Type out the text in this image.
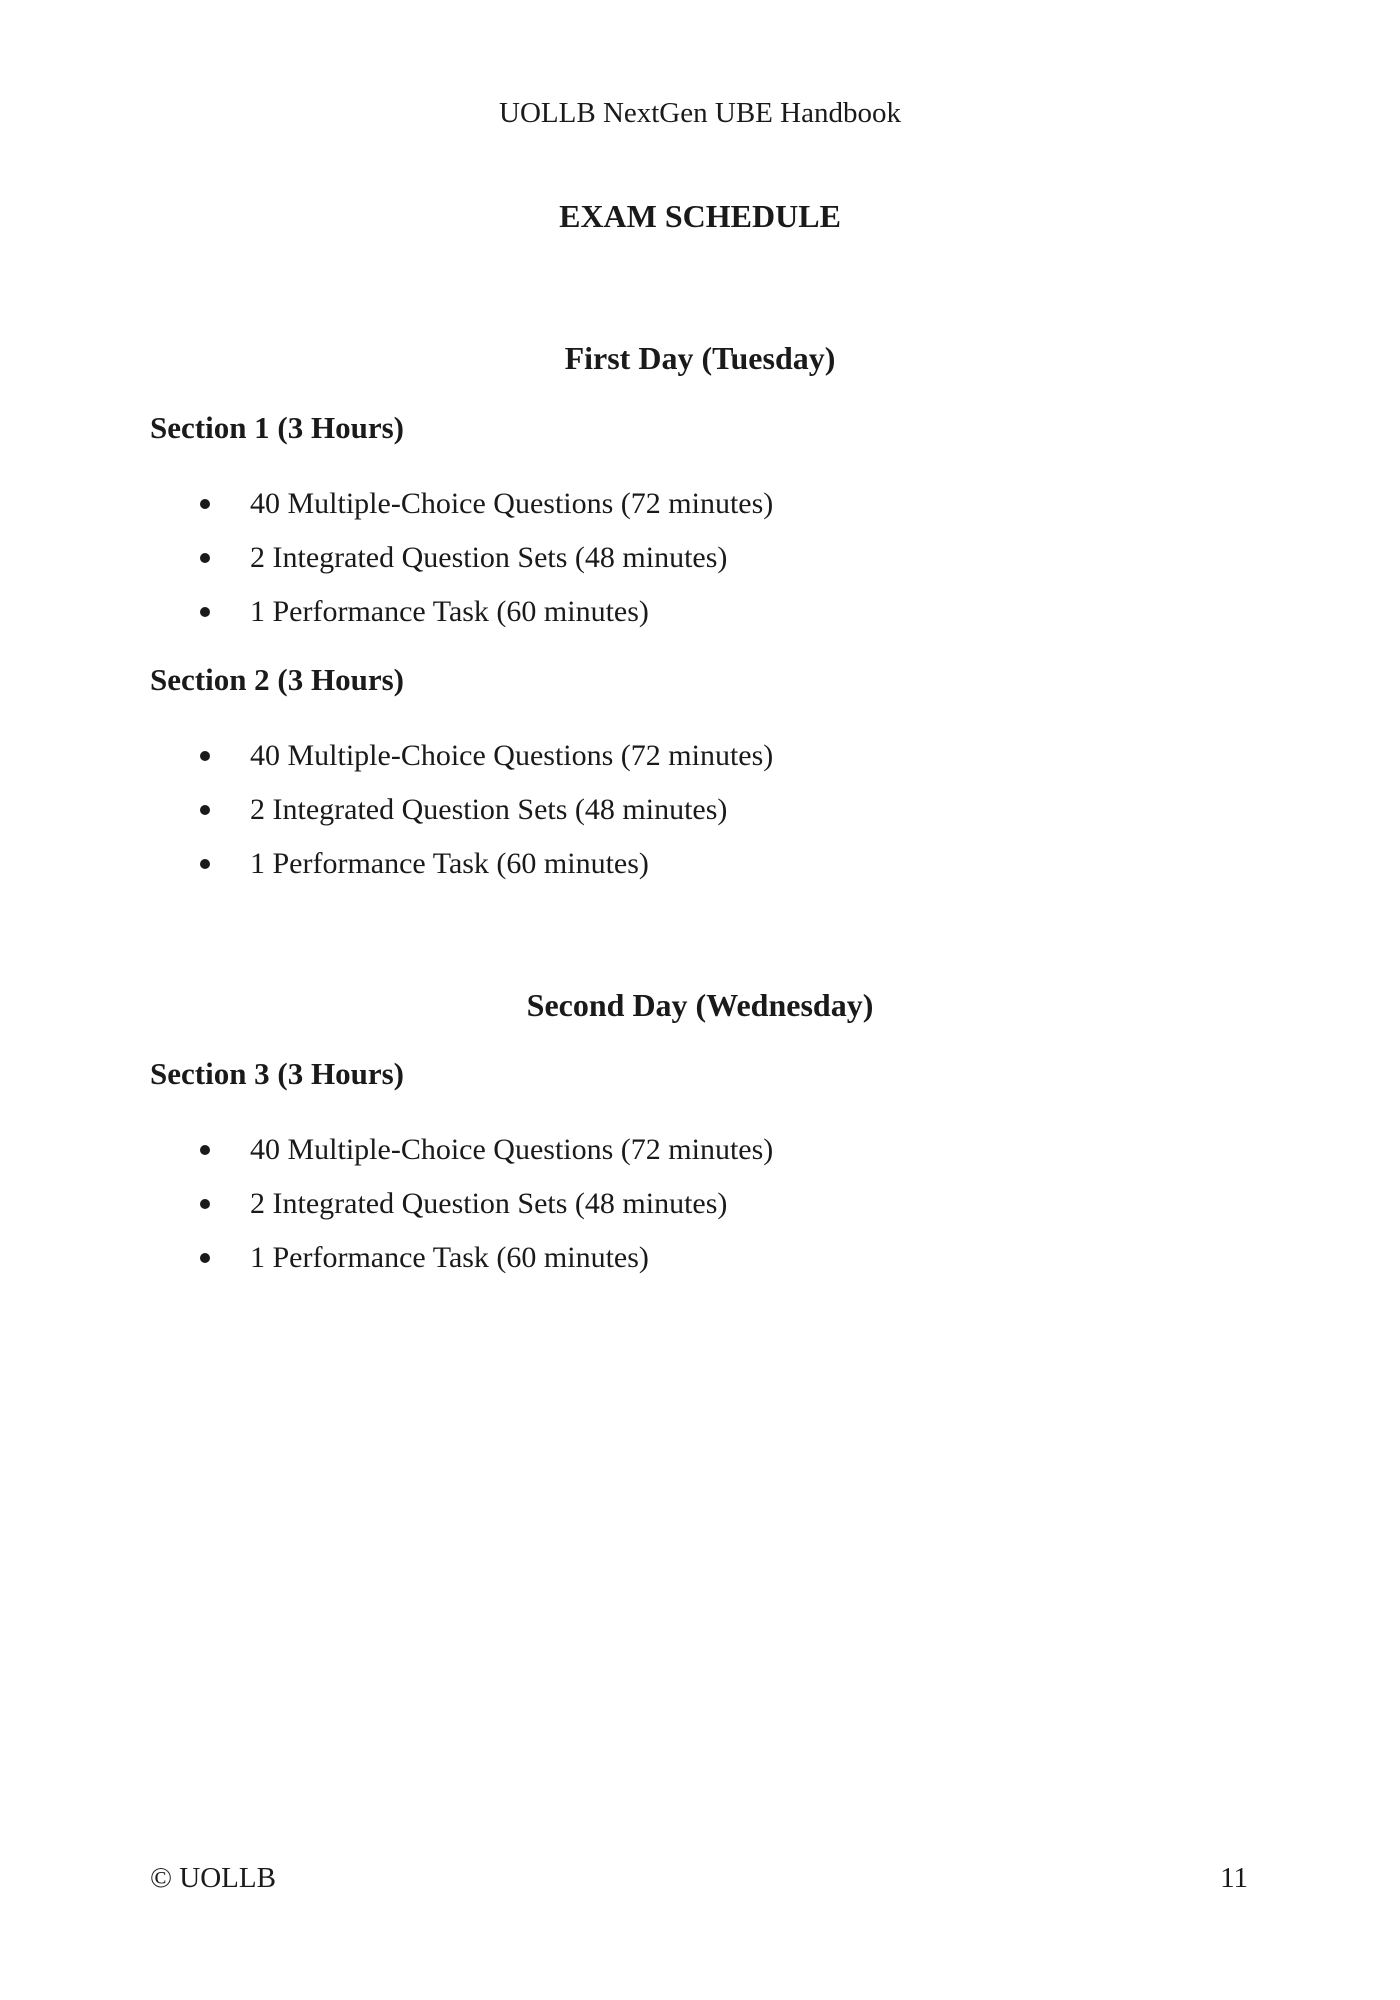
UOLLB NextGen UBE Handbook
EXAM SCHEDULE
First Day (Tuesday)
Section 1 (3 Hours)
40 Multiple-Choice Questions (72 minutes)
2 Integrated Question Sets (48 minutes)
1 Performance Task (60 minutes)
Section 2 (3 Hours)
40 Multiple-Choice Questions (72 minutes)
2 Integrated Question Sets (48 minutes)
1 Performance Task (60 minutes)
Second Day (Wednesday)
Section 3 (3 Hours)
40 Multiple-Choice Questions (72 minutes)
2 Integrated Question Sets (48 minutes)
1 Performance Task (60 minutes)
© UOLLB	11
